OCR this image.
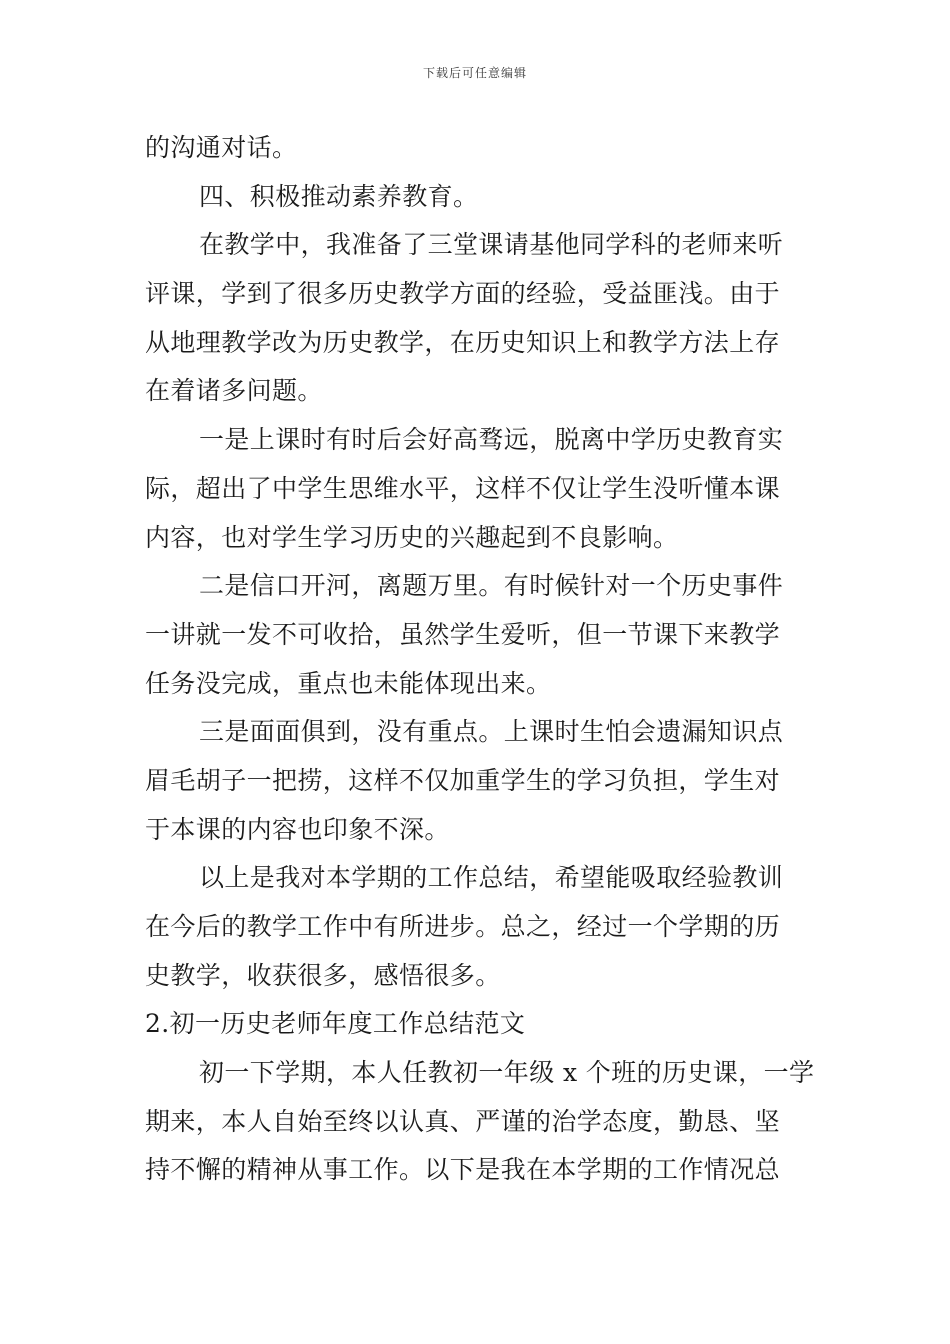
下载后可任意编辑
的沟通对话。
四、积极推动素养教育。
在教学中，我准备了三堂课请基他同学科的老师来听
评课，学到了很多历史教学方面的经验，受益匪浅。由于
从地理教学改为历史教学，在历史知识上和教学方法上存
在着诸多问题。
一是上课时有时后会好高骛远，脱离中学历史教育实
际，超出了中学生思维水平，这样不仅让学生没听懂本课
内容，也对学生学习历史的兴趣起到不良影响。
二是信口开河，离题万里。有时候针对一个历史事件
一讲就一发不可收拾，虽然学生爱听，但一节课下来教学
任务没完成，重点也未能体现出来。
三是面面俱到，没有重点。上课时生怕会遗漏知识点
眉毛胡子一把捞，这样不仅加重学生的学习负担，学生对
于本课的内容也印象不深。
以上是我对本学期的工作总结，希望能吸取经验教训
在今后的教学工作中有所进步。总之，经过一个学期的历
史教学，收获很多，感悟很多。
2.初一历史老师年度工作总结范文
初一下学期，本人任教初一年级 x 个班的历史课，一学
期来，本人自始至终以认真、严谨的治学态度，勤恳、坚
持不懈的精神从事工作。以下是我在本学期的工作情况总
